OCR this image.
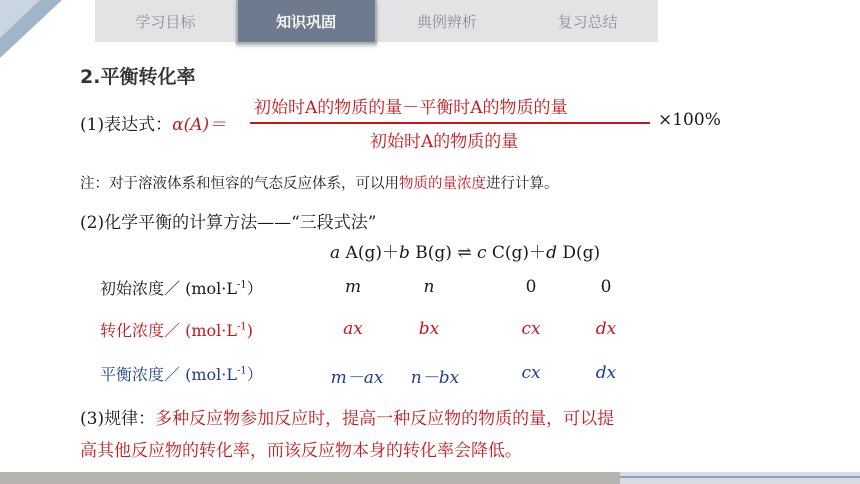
学习目标	知识巩固	典例辨析	复习总结
2.平衡转化率
(1)表达式：α(A)＝
初始时A的物质的量－平衡时A的物质的量
初始时A的物质的量
×100%
注：对于溶液体系和恒容的气态反应体系，可以用物质的量浓度进行计算。
(2)化学平衡的计算方法——“三段式法”
a A(g)＋b B(g) ⇌ c C(g)＋d D(g)
初始浓度／ $(mol\cdot L^{-1})$	m	n	0	0
转化浓度／ $(mol\cdot L^{-1})$	ax	bx	cx	dx
平衡浓度／ $(mol\cdot L^{-1})$	m－ax	n－bx	cx	dx
(3)规律：多种反应物参加反应时，提高一种反应物的物质的量，可以提
高其他反应物的转化率，而该反应物本身的转化率会降低。
